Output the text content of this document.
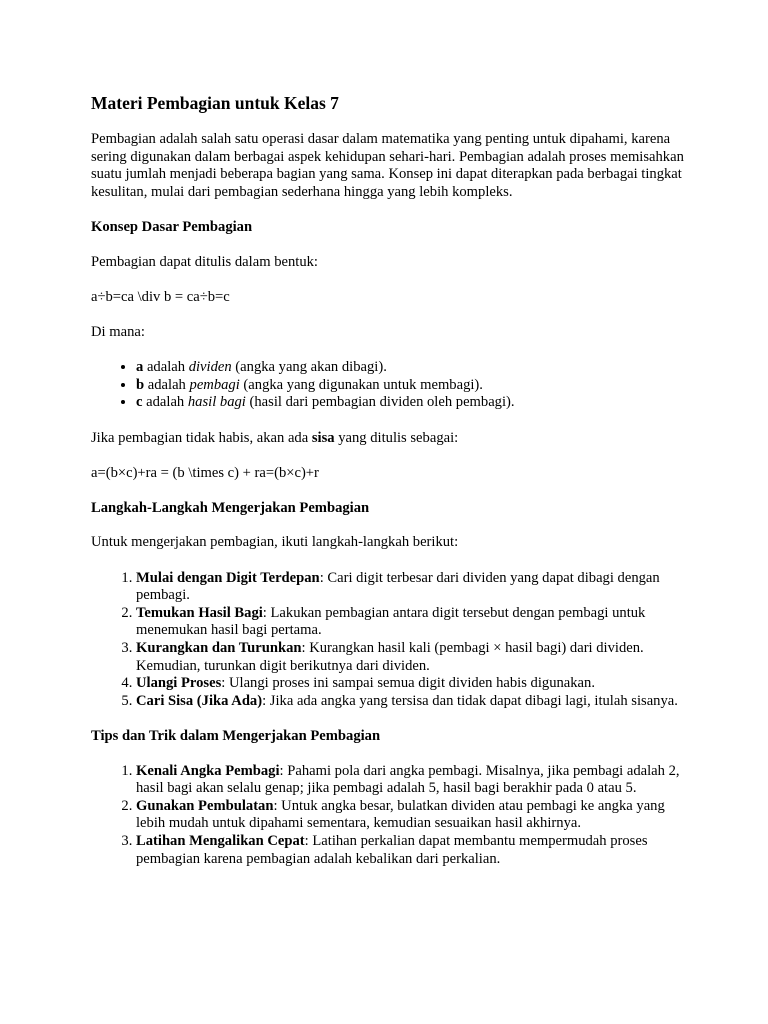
Materi Pembagian untuk Kelas 7

Pembagian adalah salah satu operasi dasar dalam matematika yang penting untuk dipahami, karena sering digunakan dalam berbagai aspek kehidupan sehari-hari. Pembagian adalah proses memisahkan suatu jumlah menjadi beberapa bagian yang sama. Konsep ini dapat diterapkan pada berbagai tingkat kesulitan, mulai dari pembagian sederhana hingga yang lebih kompleks.

Konsep Dasar Pembagian

Pembagian dapat ditulis dalam bentuk:

a÷b=ca \div b = ca÷b=c

Di mana:

• a adalah dividen (angka yang akan dibagi).
• b adalah pembagi (angka yang digunakan untuk membagi).
• c adalah hasil bagi (hasil dari pembagian dividen oleh pembagi).

Jika pembagian tidak habis, akan ada sisa yang ditulis sebagai:

a=(b×c)+ra = (b \times c) + ra=(b×c)+r

Langkah-Langkah Mengerjakan Pembagian

Untuk mengerjakan pembagian, ikuti langkah-langkah berikut:

1. Mulai dengan Digit Terdepan: Cari digit terbesar dari dividen yang dapat dibagi dengan pembagi.
2. Temukan Hasil Bagi: Lakukan pembagian antara digit tersebut dengan pembagi untuk menemukan hasil bagi pertama.
3. Kurangkan dan Turunkan: Kurangkan hasil kali (pembagi × hasil bagi) dari dividen. Kemudian, turunkan digit berikutnya dari dividen.
4. Ulangi Proses: Ulangi proses ini sampai semua digit dividen habis digunakan.
5. Cari Sisa (Jika Ada): Jika ada angka yang tersisa dan tidak dapat dibagi lagi, itulah sisanya.
Tips dan Trik dalam Mengerjakan Pembagian
1. Kenali Angka Pembagi: Pahami pola dari angka pembagi. Misalnya, jika pembagi adalah 2, hasil bagi akan selalu genap; jika pembagi adalah 5, hasil bagi berakhir pada 0 atau 5.
2. Gunakan Pembulatan: Untuk angka besar, bulatkan dividen atau pembagi ke angka yang lebih mudah untuk dipahami sementara, kemudian sesuaikan hasil akhirnya.
3. Latihan Mengalikan Cepat: Latihan perkalian dapat membantu mempermudah proses pembagian karena pembagian adalah kebalikan dari perkalian.
